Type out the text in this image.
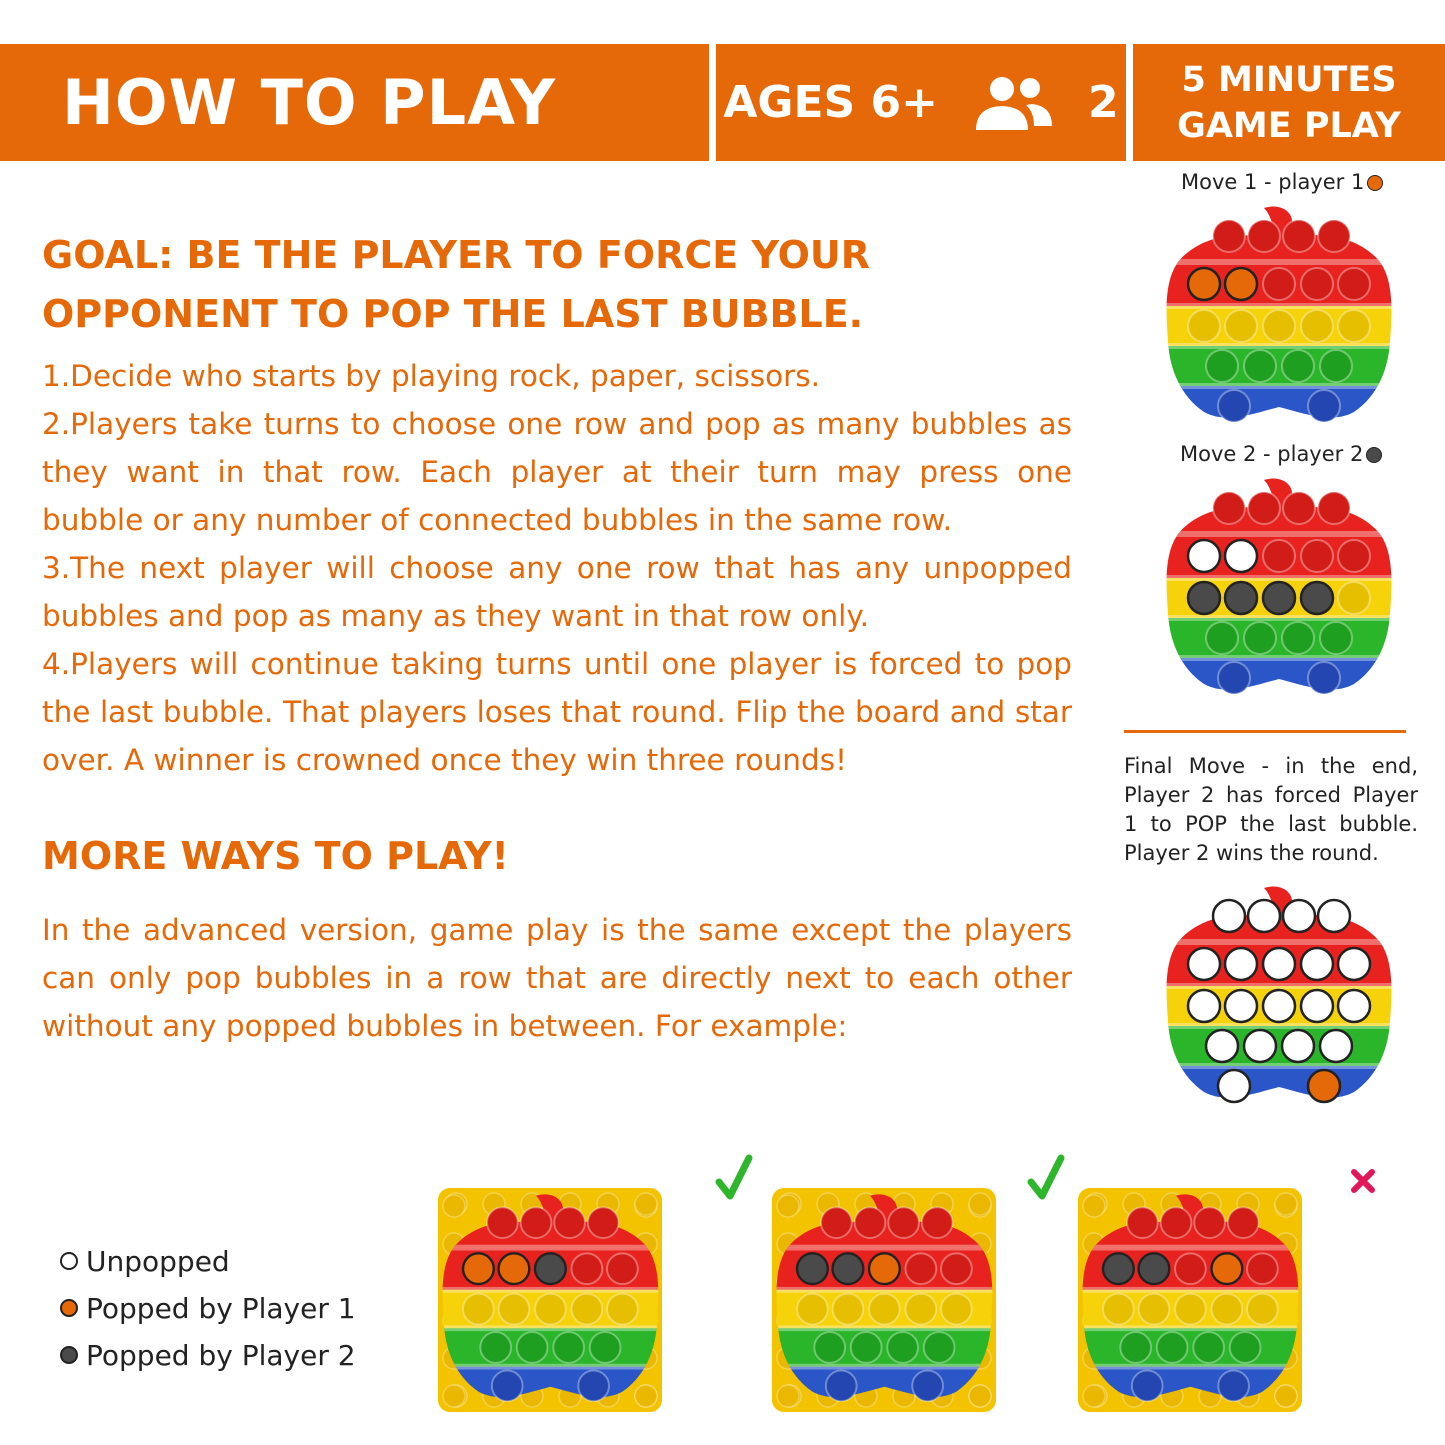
HOW TO PLAY	AGES 6+	2 5 MINUTES
GAME PLAY
GOAL: BE THE PLAYER TO FORCE YOUR
OPPONENT TO POP THE LAST BUBBLE.

1.Decide who starts by playing rock, paper, scissors.

2.Players take turns to choose one row and pop as many bubbles as they want in that row. Each player at their turn may press one bubble or any number of connected bubbles in the same row.

3.The next player will choose any one row that has any unpopped bubbles and pop as many as they want in that row only.

4.Players will continue taking turns until one player is forced to pop the last bubble. That players loses that round. Flip the board and star over. A winner is crowned once they win three rounds!

MORE WAYS TO PLAY!
In the advanced version, game play is the same except the players can only pop bubbles in a row that are directly next to each other without any popped bubbles in between. For example:
Move 1 - player 1
Move 2 - player 2
Final Move - in the end, Player 2 has forced Player 1 to POP the last bubble. Player 2 wins the round.
Unpopped
Popped by Player 1
Popped by Player 2
